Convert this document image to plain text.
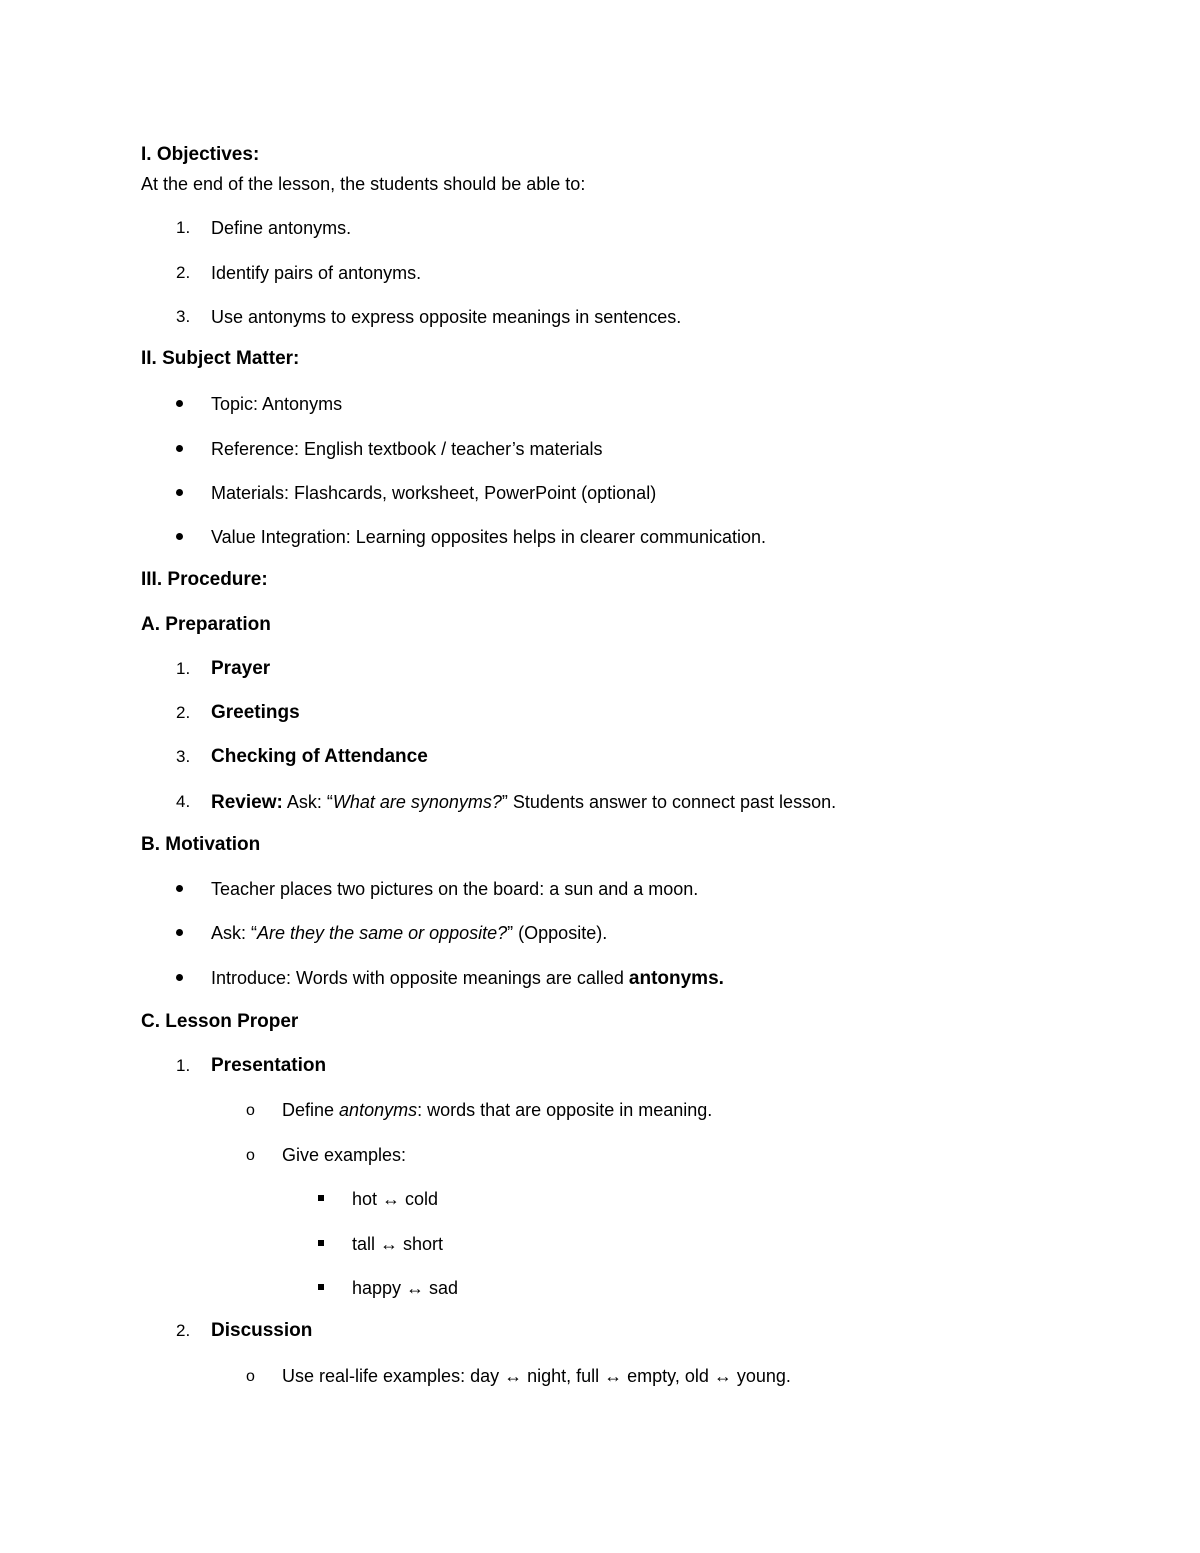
I. Objectives:
At the end of the lesson, the students should be able to:
1. Define antonyms.
2. Identify pairs of antonyms.
3. Use antonyms to express opposite meanings in sentences.
II. Subject Matter:
Topic: Antonyms
Reference: English textbook / teacher’s materials
Materials: Flashcards, worksheet, PowerPoint (optional)
Value Integration: Learning opposites helps in clearer communication.
III. Procedure:
A. Preparation
1. Prayer
2. Greetings
3. Checking of Attendance
4. Review: Ask: “What are synonyms?” Students answer to connect past lesson.
B. Motivation
Teacher places two pictures on the board: a sun and a moon.
Ask: “Are they the same or opposite?” (Opposite).
Introduce: Words with opposite meanings are called antonyms.
C. Lesson Proper
1. Presentation
o Define antonyms: words that are opposite in meaning.
o Give examples:
hot ↔ cold
tall ↔ short
happy ↔ sad
2. Discussion
o Use real-life examples: day ↔ night, full ↔ empty, old ↔ young.
